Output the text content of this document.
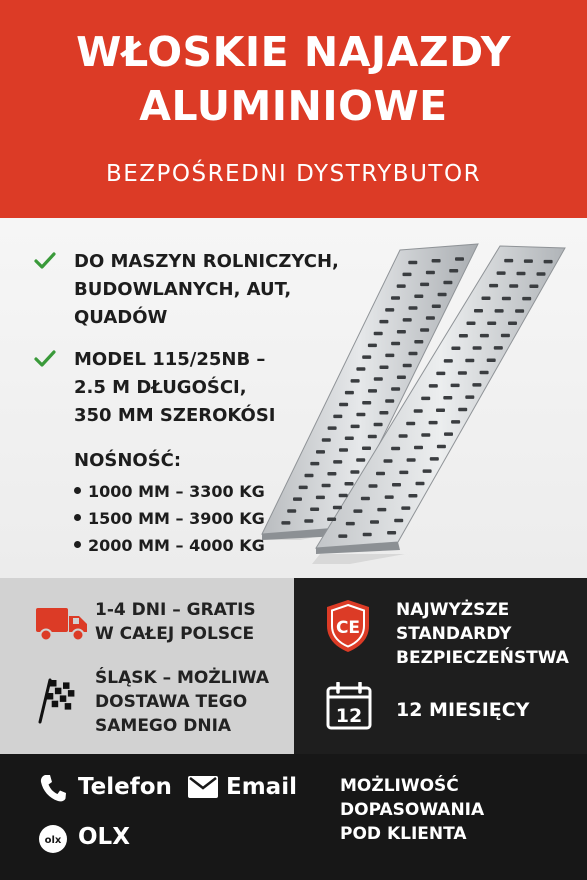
WŁOSKIE NAJAZDY
ALUMINIOWE
BEZPOŚREDNI DYSTRYBUTOR
DO MASZYN ROLNICZYCH,
BUDOWLANYCH, AUT,
QUADÓW
MODEL 115/25NB –
2.5 M DŁUGOŚCI,
350 MM SZEROKÓSI
NOŚNOŚĆ:
1000 MM – 3300 KG
1500 MM – 3900 KG
2000 MM – 4000 KG
1-4 DNI – GRATIS
W CAŁEJ POLSCE
ŚLĄSK – MOŻLIWA
DOSTAWA TEGO
SAMEGO DNIA
CE
NAJWYŻSZE
STANDARDY
BEZPIECZEŃSTWA
12 12 MIESIĘCY
Telefon Email
olx OLX
MOŻLIWOŚĆ
DOPASOWANIA
POD KLIENTA
